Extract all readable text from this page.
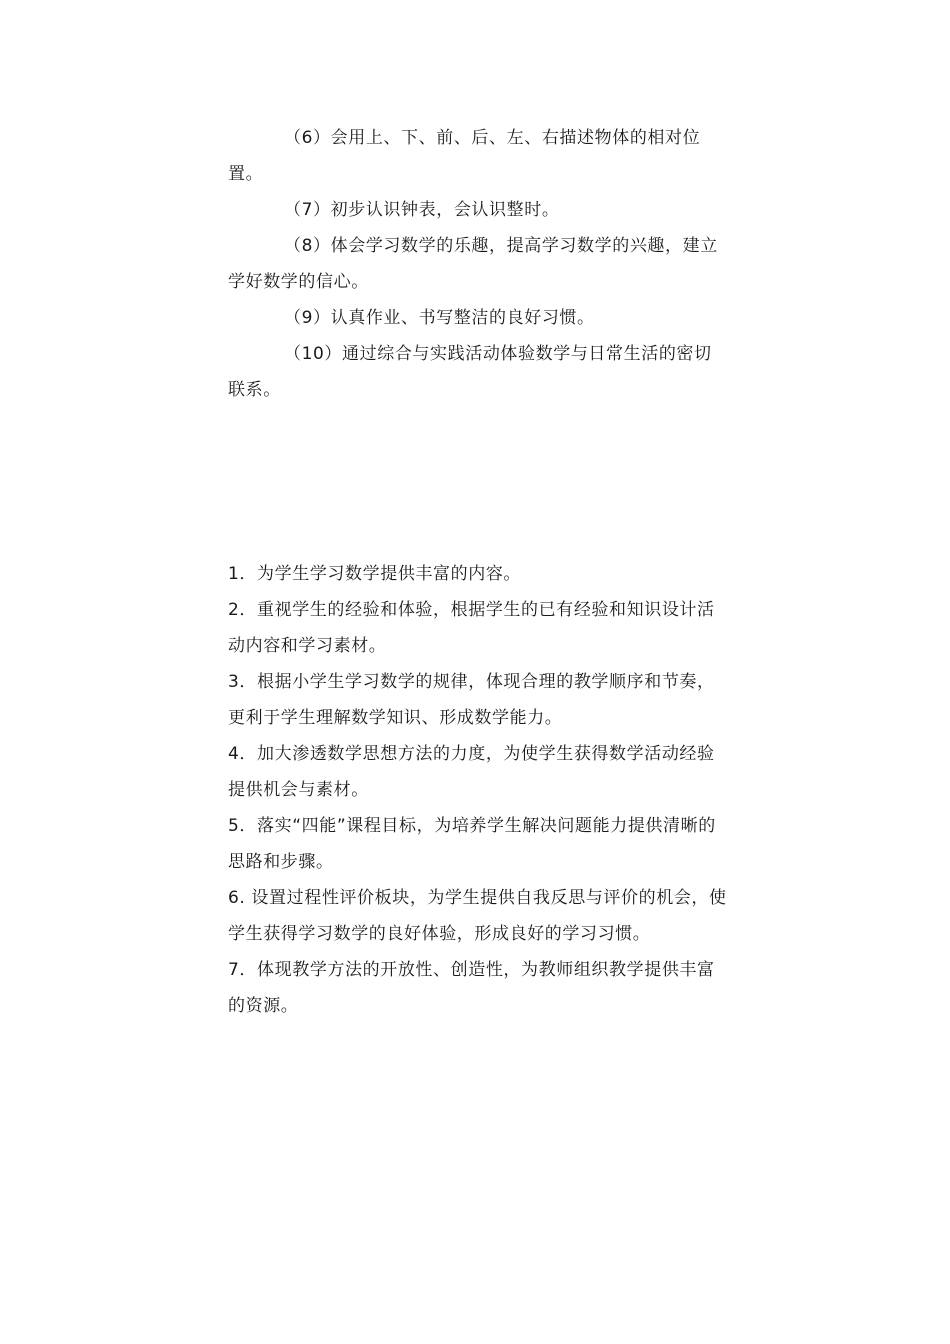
（6）会用上、下、前、后、左、右描述物体的相对位置。

（7）初步认识钟表，会认识整时。

（8）体会学习数学的乐趣，提高学习数学的兴趣，建立学好数学的信心。

（9）认真作业、书写整洁的良好习惯。

（10）通过综合与实践活动体验数学与日常生活的密切联系。

1．为学生学习数学提供丰富的内容。

2．重视学生的经验和体验，根据学生的已有经验和知识设计活动内容和学习素材。

3．根据小学生学习数学的规律，体现合理的教学顺序和节奏，更利于学生理解数学知识、形成数学能力。

4．加大渗透数学思想方法的力度，为使学生获得数学活动经验提供机会与素材。

5．落实“四能”课程目标，为培养学生解决问题能力提供清晰的思路和步骤。

6. 设置过程性评价板块，为学生提供自我反思与评价的机会，使学生获得学习数学的良好体验，形成良好的学习习惯。

7．体现教学方法的开放性、创造性，为教师组织教学提供丰富的资源。
